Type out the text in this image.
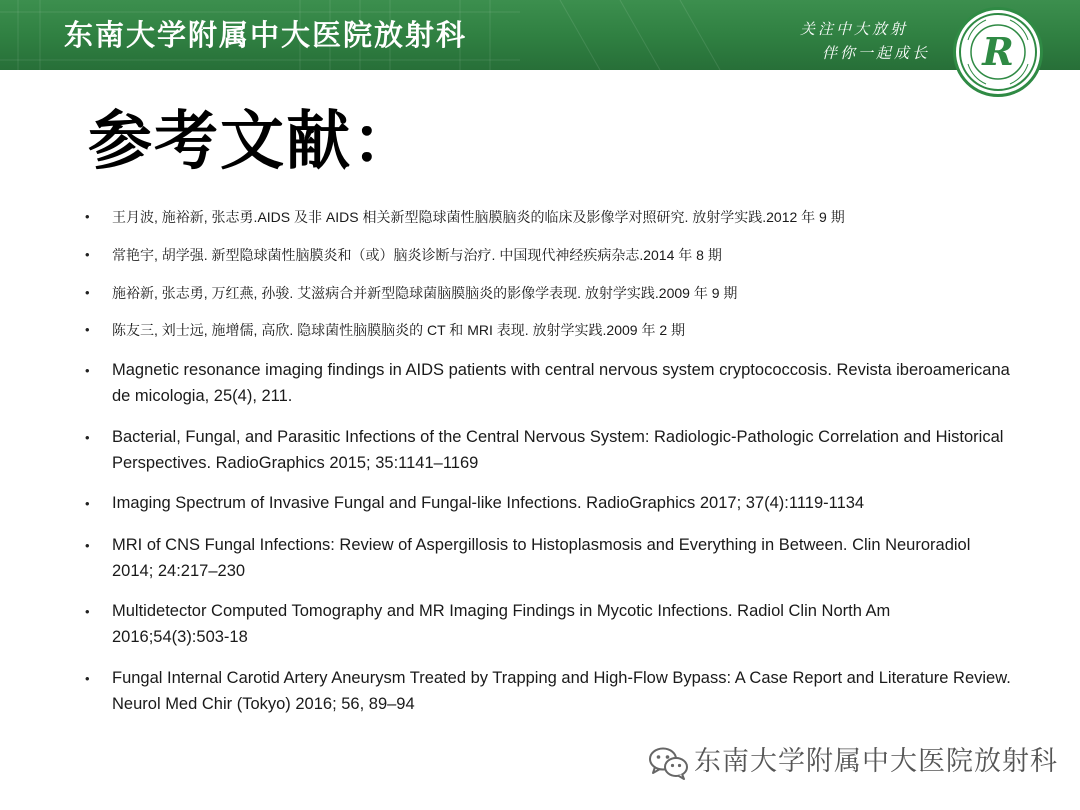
东南大学附属中大医院放射科	关注中大放射
伴你一起成长	R
参考文献：
• 王月波, 施裕新, 张志勇.AIDS 及非 AIDS 相关新型隐球菌性脑膜脑炎的临床及影像学对照研究. 放射学实践.2012 年 9 期
• 常艳宇, 胡学强. 新型隐球菌性脑膜炎和（或）脑炎诊断与治疗. 中国现代神经疾病杂志.2014 年 8 期
• 施裕新, 张志勇, 万红燕, 孙骏. 艾滋病合并新型隐球菌脑膜脑炎的影像学表现. 放射学实践.2009 年 9 期
• 陈友三, 刘士远, 施增儒, 高欣. 隐球菌性脑膜脑炎的 CT 和 MRI 表现. 放射学实践.2009 年 2 期
• Magnetic resonance imaging findings in AIDS patients with central nervous system cryptococcosis. Revista iberoamericana de micologia, 25(4), 211.
• Bacterial, Fungal, and Parasitic Infections of the Central Nervous System: Radiologic-Pathologic Correlation and Historical Perspectives. RadioGraphics 2015; 35:1141–1169
• Imaging Spectrum of Invasive Fungal and Fungal-like Infections. RadioGraphics 2017; 37(4):1119-1134
• MRI of CNS Fungal Infections: Review of Aspergillosis to Histoplasmosis and Everything in Between. Clin Neuroradiol 2014; 24:217–230
• Multidetector Computed Tomography and MR Imaging Findings in Mycotic Infections. Radiol Clin North Am 2016;54(3):503-18
• Fungal Internal Carotid Artery Aneurysm Treated by Trapping and High-Flow Bypass: A Case Report and Literature Review. Neurol Med Chir (Tokyo) 2016; 56, 89–94
东南大学附属中大医院放射科
